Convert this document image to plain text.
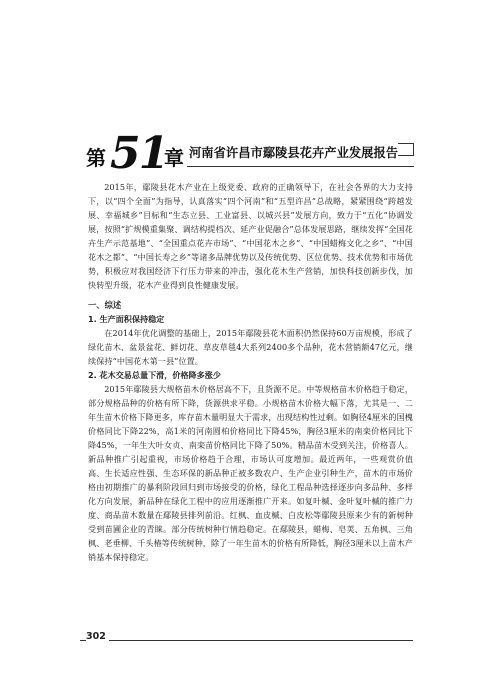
第 51
章 河南省许昌市鄢陵县花卉产业发展报告

2015年，鄢陵县花木产业在上级党委、政府的正确领导下，在社会各界的大力支持下，以“四个全面”为指导，认真落实“四个河南”和“五型许昌”总战略，紧紧围绕“跨越发展、幸福城乡”目标和“生态立县、工业富县、以城兴县”发展方向，致力于“五化”协调发展，按照“扩规模重集聚、调结构提档次、延产业促融合”总体发展思路，继续发挥“全国花卉生产示范基地”、“全国重点花卉市场”、“中国花木之乡”、“中国蜡梅文化之乡”、“中国花木之都”、“中国长寿之乡”等诸多品牌优势以及传统优势、区位优势、技术优势和市场优势，积极应对我国经济下行压力带来的冲击，强化花木生产营销，加快科技创新步伐，加快转型升级，花木产业得到良性健康发展。

一、综述
1. 生产面积保持稳定

在2014年优化调整的基础上，2015年鄢陵县花木面积仍然保持60万亩规模，形成了绿化苗木、盆景盆花、鲜切花、草皮草毯4大系列2400多个品种，花木营销额47亿元，继续保持“中国花木第一县”位置。

2. 花木交易总量下滑，价格降多涨少

2015年鄢陵县大规格苗木价格居高不下，且货源不足。中等规格苗木价格趋于稳定，部分规格品种的价格有所下降，货源供求平稳。小规格苗木价格大幅下落，尤其是一、二年生苗木价格下降更多，库存苗木量明显大于需求，出现结构性过剩。如胸径4厘米的国槐价格同比下降22%，高1米的河南圆柏价格同比下降45%，胸径3厘米的南栾价格同比下降45%，一年生大叶女贞、南栾苗价格同比下降了50%。精品苗木受到关注，价格喜人。新品种推广引起重视，市场价格趋于合理，市场认可度增加。最近两年，一些观赏价值高、生长适应性强、生态环保的新品种正被多数农户、生产企业引种生产，苗木的市场价格由初期推广的暴利阶段回归到市场接受的价格，绿化工程品种选择逐步向多品种、多样化方向发展，新品种在绿化工程中的应用逐渐推广开来。如复叶槭、金叶复叶槭的推广力度、商品苗木数量在鄢陵县排列前沿。红枫、血皮槭、白皮松等鄢陵县原来少有的新树种受到苗圃企业的青睐。部分传统树种行情趋稳定。在鄢陵县，蜡梅、皂荚、五角枫、三角枫、老垂柳、千头椿等传统树种，除了一年生苗木的价格有所降低，胸径3厘米以上苗木产销基本保持稳定。

302
